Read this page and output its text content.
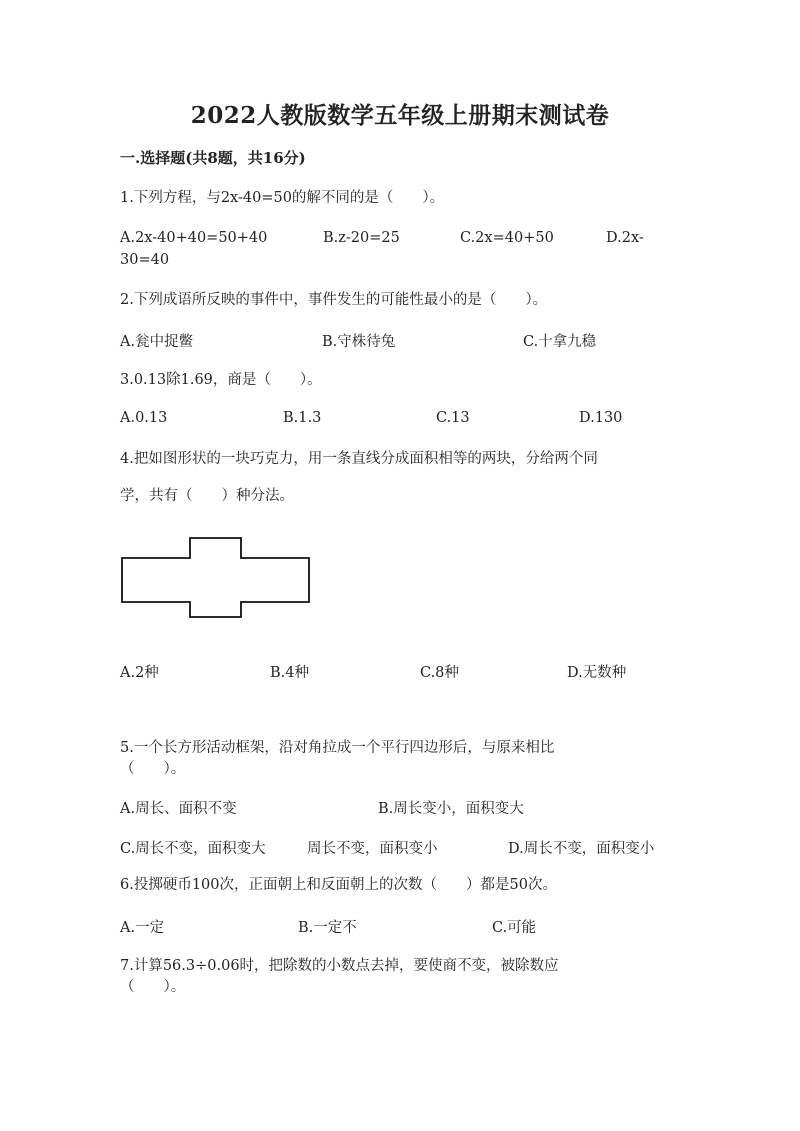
2022人教版数学五年级上册期末测试卷
一.选择题(共8题，共16分)
1.下列方程，与2x-40=50的解不同的是（　　）。
A.2x-40+40=50+40	B.z-20=25	C.2x=40+50	D.2x-
30=40
2.下列成语所反映的事件中，事件发生的可能性最小的是（　　）。
A.瓮中捉鳖	B.守株待兔	C.十拿九稳
3.0.13除1.69，商是（　　）。
A.0.13	B.1.3	C.13	D.130
4.把如图形状的一块巧克力，用一条直线分成面积相等的两块，分给两个同
学，共有（　　）种分法。
A.2种	B.4种	C.8种	D.无数种
5.一个长方形活动框架，沿对角拉成一个平行四边形后，与原来相比
（　　）。
A.周长、面积不变	B.周长变小，面积变大
C.周长不变，面积变大	周长不变，面积变小	D.周长不变，面积变小
6.投掷硬币100次，正面朝上和反面朝上的次数（　　）都是50次。
A.一定	B.一定不	C.可能
7.计算56.3÷0.06时，把除数的小数点去掉，要使商不变，被除数应
（　　）。
